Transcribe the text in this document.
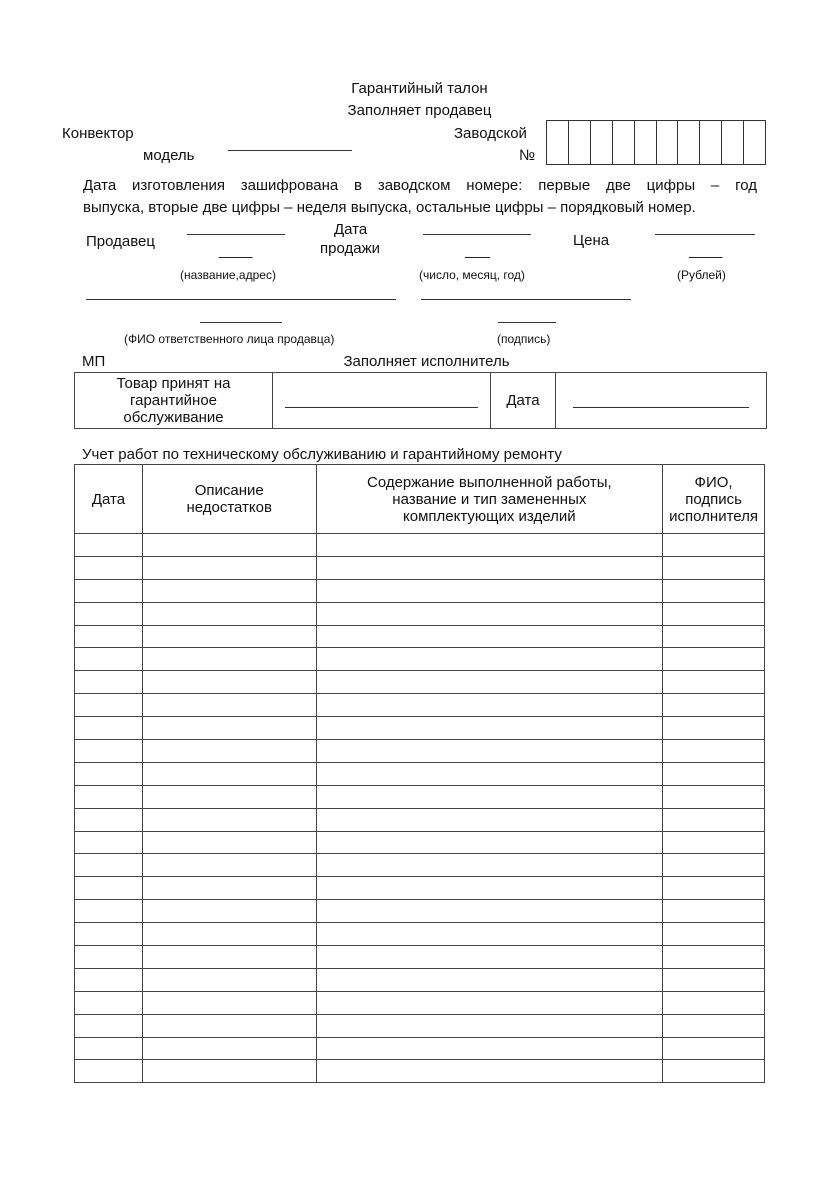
Гарантийный талон
Заполняет продавец
Конвектор
модель
Заводской
№
Дата изготовления зашифрована в заводском номере: первые две цифры – год
выпуска, вторые две цифры – неделя выпуска, остальные цифры – порядковый номер.
Продавец
____
Дата
продажи	___
Цена
____
(название,адрес)	(число, месяц, год)	(Рублей)
(ФИО ответственного лица продавца)	(подпись)
МП	Заполняет исполнитель
Товар принят на гарантийное обслуживание	
	Дата	
Учет работ по техническому обслуживанию и гарантийному ремонту
Дата	Описание недостатков	Содержание выполненной работы, название и тип замененных комплектующих изделий	ФИО, подпись исполнителя
